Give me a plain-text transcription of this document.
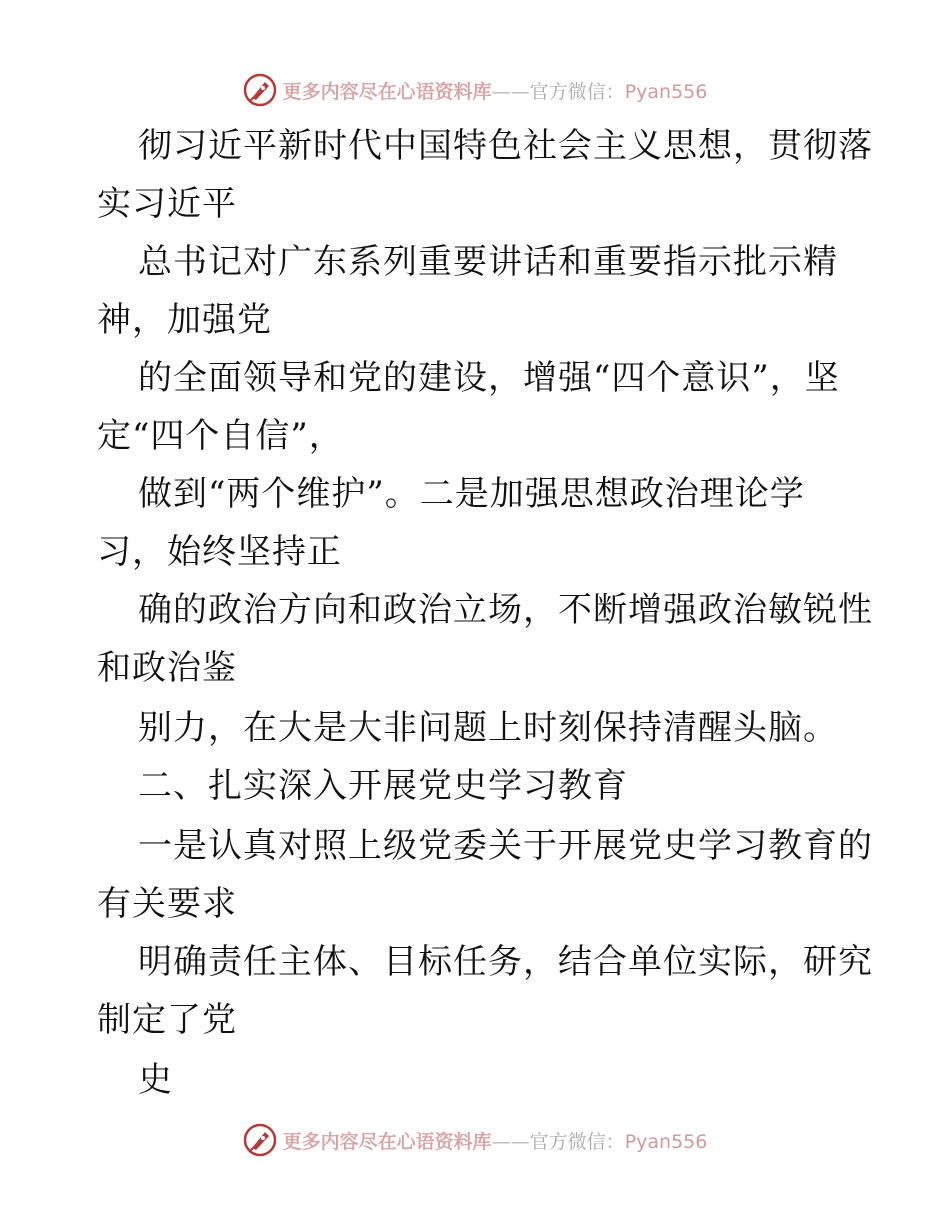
更多内容尽在心语资料库 —— 官方微信： Pyan556
彻习近平新时代中国特色社会主义思想，贯彻落
实习近平
总书记对广东系列重要讲话和重要指示批示精
神，加强党
的全面领导和党的建设，增强“四个意识”，坚
定“四个自信”，
做到“两个维护”。二是加强思想政治理论学
习，始终坚持正
确的政治方向和政治立场，不断增强政治敏锐性
和政治鉴
别力，在大是大非问题上时刻保持清醒头脑。
二、扎实深入开展党史学习教育
一是认真对照上级党委关于开展党史学习教育的
有关要求
明确责任主体、目标任务，结合单位实际，研究
制定了党
史
更多内容尽在心语资料库 —— 官方微信： Pyan556
